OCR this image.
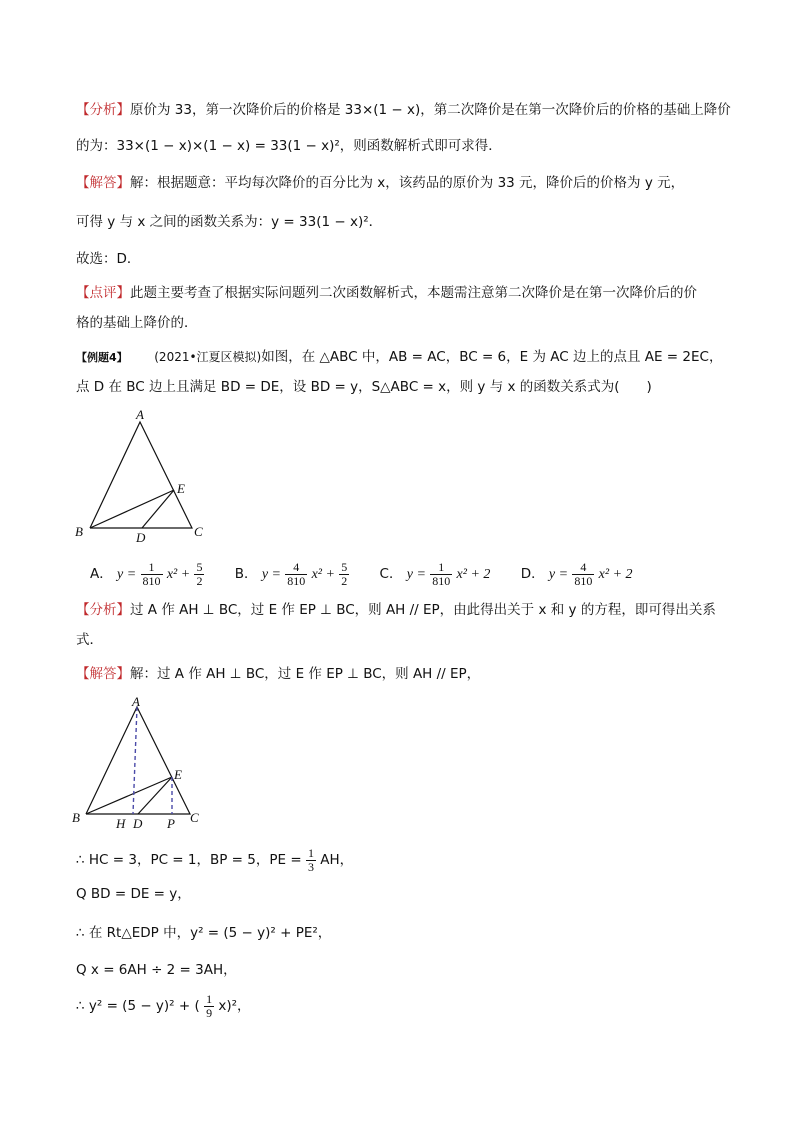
【分析】原价为 33，第一次降价后的价格是 33×(1 − x)，第二次降价是在第一次降价后的价格的基础上降价
的为：33×(1 − x)×(1 − x) = 33(1 − x)²，则函数解析式即可求得．
【解答】解：根据题意：平均每次降价的百分比为 x，该药品的原价为 33 元，降价后的价格为 y 元，
可得 y 与 x 之间的函数关系为：y = 33(1 − x)²．
故选：D．
【点评】此题主要考查了根据实际问题列二次函数解析式，本题需注意第二次降价是在第一次降价后的价
格的基础上降价的．
【例题4】 (2021•江夏区模拟)如图，在 △ABC 中，AB = AC，BC = 6，E 为 AC 边上的点且 AE = 2EC，
点 D 在 BC 边上且满足 BD = DE，设 BD = y，S△ABC = x，则 y 与 x 的函数关系式为(　　)
A
E
B	D	C
A． $y = \frac{1}{810} x^2 + \frac{5}{2}$ B． $y = \frac{4}{810} x^2 + \frac{5}{2}$ C． $y = \frac{1}{810} x^2 + 2$ D． $y = \frac{4}{810} x^2 + 2$
【分析】过 A 作 AH ⊥ BC，过 E 作 EP ⊥ BC，则 AH // EP，由此得出关于 x 和 y 的方程，即可得出关系
式．
【解答】解：过 A 作 AH ⊥ BC，过 E 作 EP ⊥ BC，则 AH // EP，
A
E
B	H D P C
∴ HC = 3，PC = 1，BP = 5，PE = $\frac{1}{3}$ AH，
Q BD = DE = y，
∴ 在 Rt△EDP 中，y² = (5 − y)² + PE²，
Q x = 6AH ÷ 2 = 3AH，
∴ y² = (5 − y)² + ( $\frac{1}{9} x)^2$，
